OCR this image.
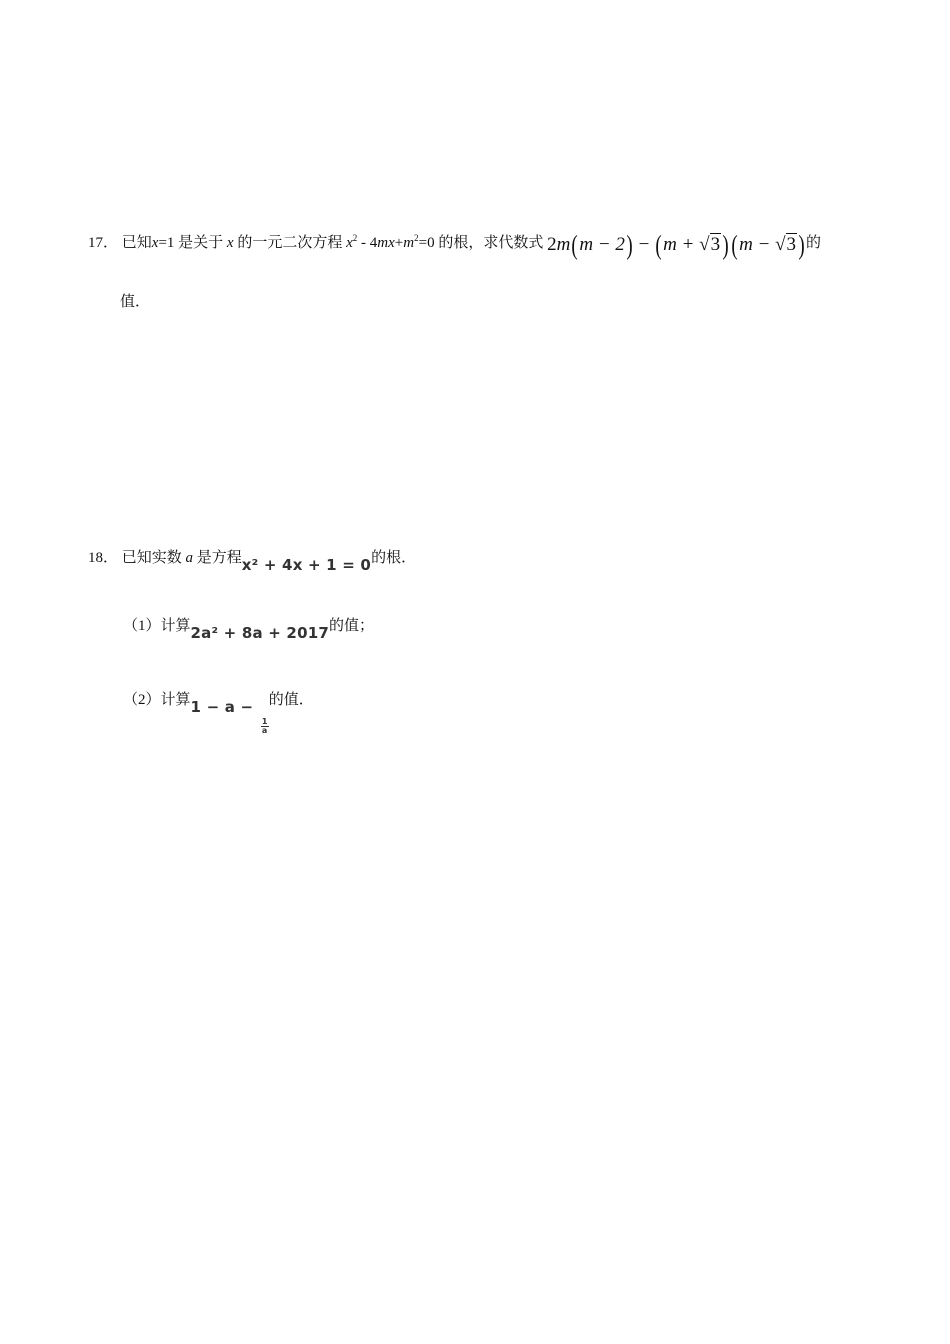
17． 已知x=1 是关于 x 的一元二次方程 $x^2 - 4mx+m^2=0$ 的根，求代数式 2m(m − 2) − (m + √3)(m − √3)的
值．
18． 已知实数 a 是方程x² + 4x + 1 = 0的根．
（1）计算2a² + 8a + 2017的值；
（2）计算1 − a −
$\frac{1}{a}$
的值．
